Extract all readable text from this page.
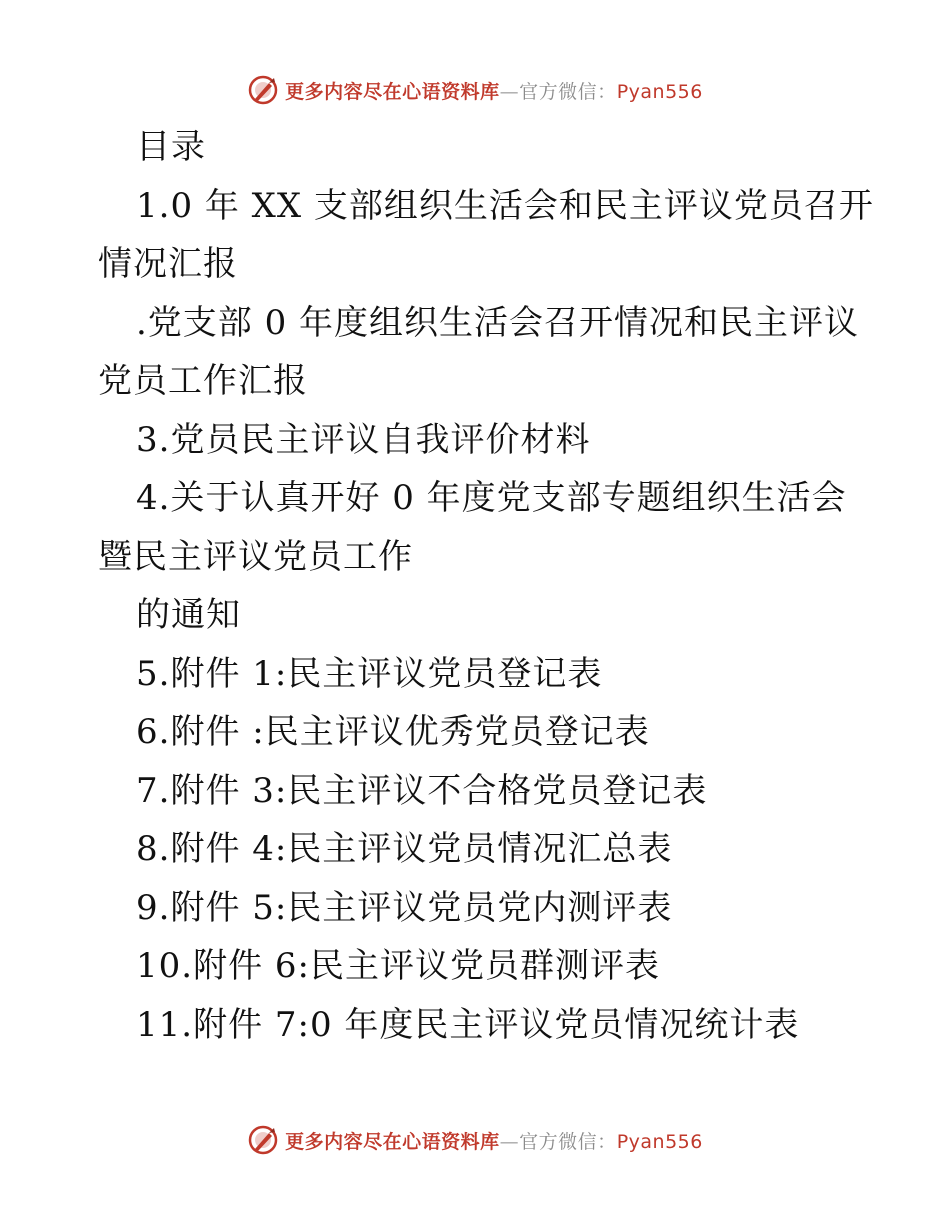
更多内容尽在心语资料库—官方微信：Pyan556
目录
1.0 年 XX 支部组织生活会和民主评议党员召开
情况汇报
.党支部 0 年度组织生活会召开情况和民主评议
党员工作汇报
3.党员民主评议自我评价材料
4.关于认真开好 0 年度党支部专题组织生活会
暨民主评议党员工作
的通知
5.附件 1:民主评议党员登记表
6.附件 :民主评议优秀党员登记表
7.附件 3:民主评议不合格党员登记表
8.附件 4:民主评议党员情况汇总表
9.附件 5:民主评议党员党内测评表
10.附件 6:民主评议党员群测评表
11.附件 7:0 年度民主评议党员情况统计表
更多内容尽在心语资料库—官方微信：Pyan556
